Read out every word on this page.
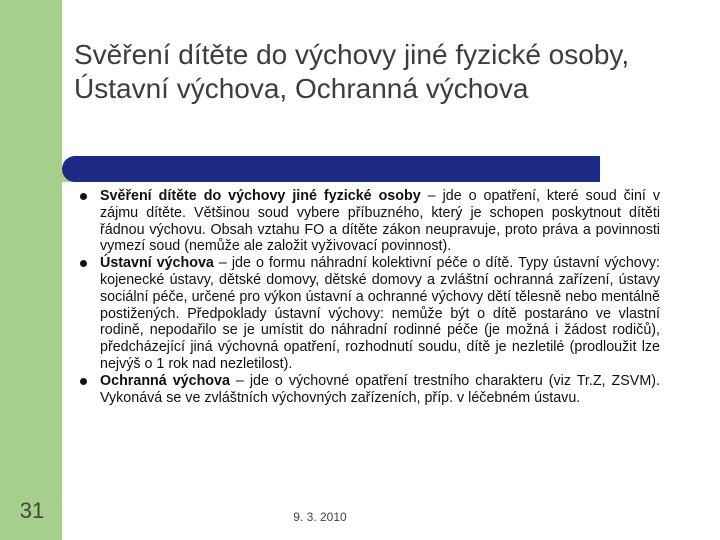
Svěření dítěte do výchovy jiné fyzické osoby, Ústavní výchova, Ochranná výchova
Svěření dítěte do výchovy jiné fyzické osoby – jde o opatření, které soud činí v zájmu dítěte. Většinou soud vybere příbuzného, který je schopen poskytnout dítěti řádnou výchovu. Obsah vztahu FO a dítěte zákon neupravuje, proto práva a povinnosti vymezí soud (nemůže ale založit vyživovací povinnost).
Ústavní výchova – jde o formu náhradní kolektivní péče o dítě. Typy ústavní výchovy: kojenecké ústavy, dětské domovy, dětské domovy a zvláštní ochranná zařízení, ústavy sociální péče, určené pro výkon ústavní a ochranné výchovy dětí tělesně nebo mentálně postižených. Předpoklady ústavní výchovy: nemůže být o dítě postaráno ve vlastní rodině, nepodařilo se je umístit do náhradní rodinné péče (je možná i žádost rodičů), předcházející jiná výchovná opatření, rozhodnutí soudu, dítě je nezletilé (prodloužit lze nejvýš o 1 rok nad nezletilost).
Ochranná výchova – jde o výchovné opatření trestního charakteru (viz Tr.Z, ZSVM). Vykonává se ve zvláštních výchovných zařízeních, příp. v léčebném ústavu.
31	9. 3. 2010
